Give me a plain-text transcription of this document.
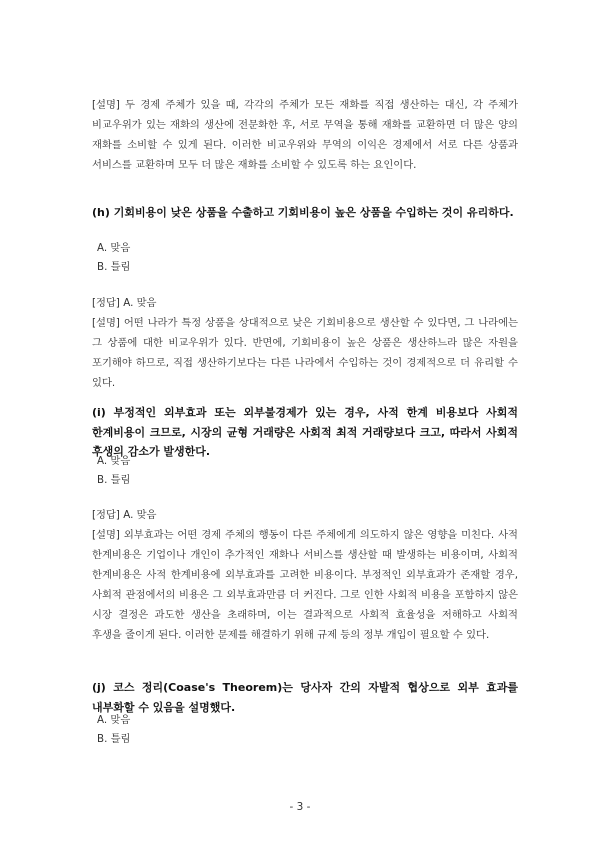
[설명] 두 경제 주체가 있을 때, 각각의 주체가 모든 재화를 직접 생산하는 대신, 각 주체가 비교우위가 있는 재화의 생산에 전문화한 후, 서로 무역을 통해 재화를 교환하면 더 많은 양의 재화를 소비할 수 있게 된다. 이러한 비교우위와 무역의 이익은 경제에서 서로 다른 상품과 서비스를 교환하며 모두 더 많은 재화를 소비할 수 있도록 하는 요인이다.
(h) 기회비용이 낮은 상품을 수출하고 기회비용이 높은 상품을 수입하는 것이 유리하다.
A. 맞음
B. 틀림
[정답] A. 맞음
[설명] 어떤 나라가 특정 상품을 상대적으로 낮은 기회비용으로 생산할 수 있다면, 그 나라에는 그 상품에 대한 비교우위가 있다. 반면에, 기회비용이 높은 상품은 생산하느라 많은 자원을 포기해야 하므로, 직접 생산하기보다는 다른 나라에서 수입하는 것이 경제적으로 더 유리할 수 있다.
(i) 부정적인 외부효과 또는 외부불경제가 있는 경우, 사적 한계 비용보다 사회적 한계비용이 크므로, 시장의 균형 거래량은 사회적 최적 거래량보다 크고, 따라서 사회적 후생의 감소가 발생한다.
A. 맞음
B. 틀림
[정답] A. 맞음
[설명] 외부효과는 어떤 경제 주체의 행동이 다른 주체에게 의도하지 않은 영향을 미친다. 사적 한계비용은 기업이나 개인이 추가적인 재화나 서비스를 생산할 때 발생하는 비용이며, 사회적 한계비용은 사적 한계비용에 외부효과를 고려한 비용이다. 부정적인 외부효과가 존재할 경우, 사회적 관점에서의 비용은 그 외부효과만큼 더 커진다. 그로 인한 사회적 비용을 포함하지 않은 시장 결정은 과도한 생산을 초래하며, 이는 결과적으로 사회적 효율성을 저해하고 사회적 후생을 줄이게 된다. 이러한 문제를 해결하기 위해 규제 등의 정부 개입이 필요할 수 있다.
(j) 코스 정리(Coase's Theorem)는 당사자 간의 자발적 협상으로 외부 효과를 내부화할 수 있음을 설명했다.
A. 맞음
B. 틀림
- 3 -
